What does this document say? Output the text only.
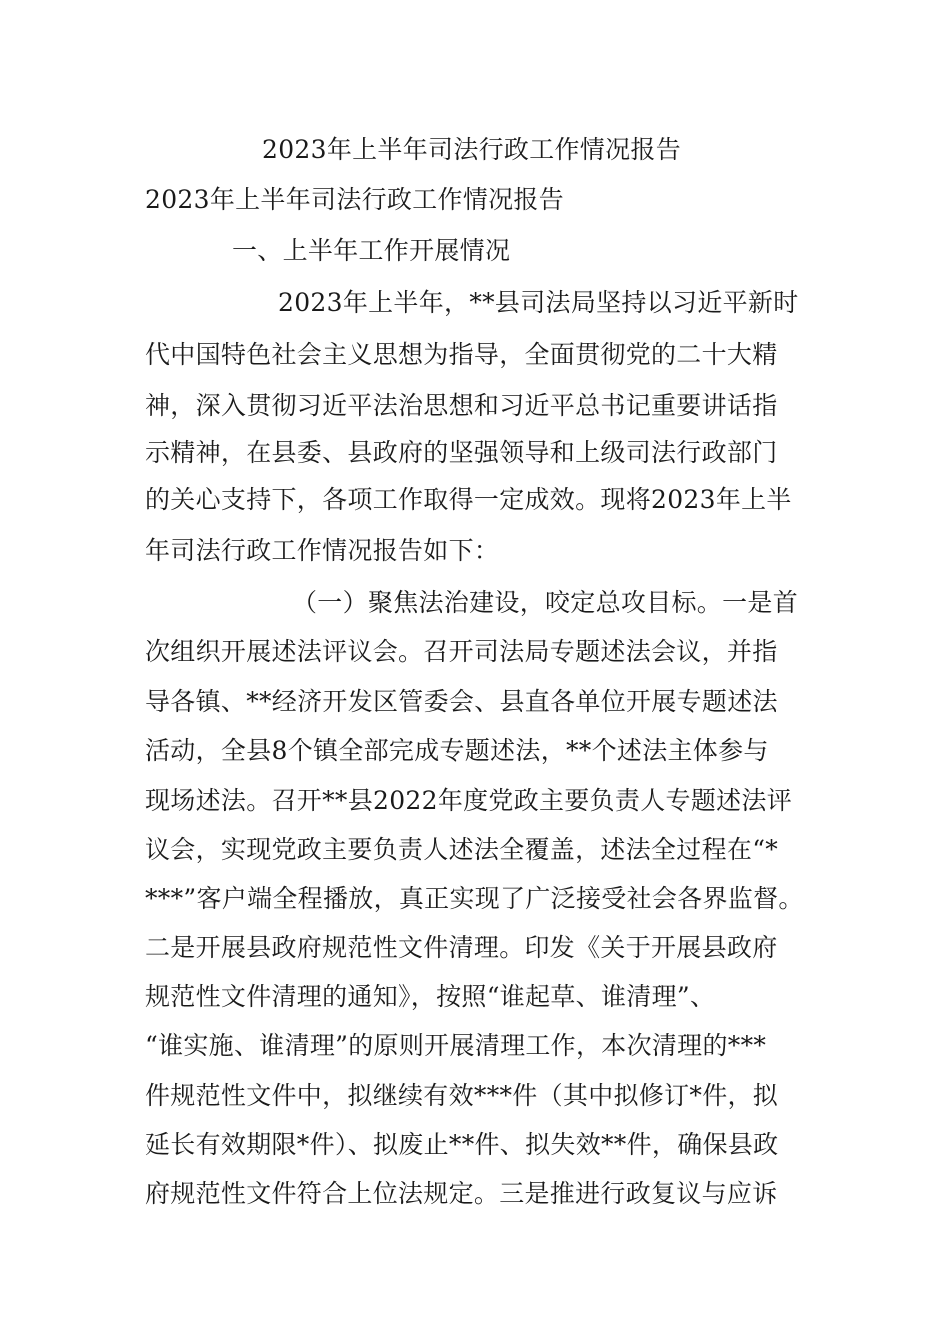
2023年上半年司法行政工作情况报告
2023年上半年司法行政工作情况报告
一、上半年工作开展情况
2023年上半年，**县司法局坚持以习近平新时
代中国特色社会主义思想为指导，全面贯彻党的二十大精
神，深入贯彻习近平法治思想和习近平总书记重要讲话指
示精神，在县委、县政府的坚强领导和上级司法行政部门
的关心支持下，各项工作取得一定成效。现将2023年上半
年司法行政工作情况报告如下：
（一）聚焦法治建设，咬定总攻目标。一是首
次组织开展述法评议会。召开司法局专题述法会议，并指
导各镇、**经济开发区管委会、县直各单位开展专题述法
活动，全县8个镇全部完成专题述法，**个述法主体参与
现场述法。召开**县2022年度党政主要负责人专题述法评
议会，实现党政主要负责人述法全覆盖，述法全过程在“*
***”客户端全程播放，真正实现了广泛接受社会各界监督。
二是开展县政府规范性文件清理。印发《关于开展县政府
规范性文件清理的通知》，按照“谁起草、谁清理”、
“谁实施、谁清理”的原则开展清理工作，本次清理的***
件规范性文件中，拟继续有效***件（其中拟修订*件，拟
延长有效期限*件）、拟废止**件、拟失效**件，确保县政
府规范性文件符合上位法规定。三是推进行政复议与应诉
